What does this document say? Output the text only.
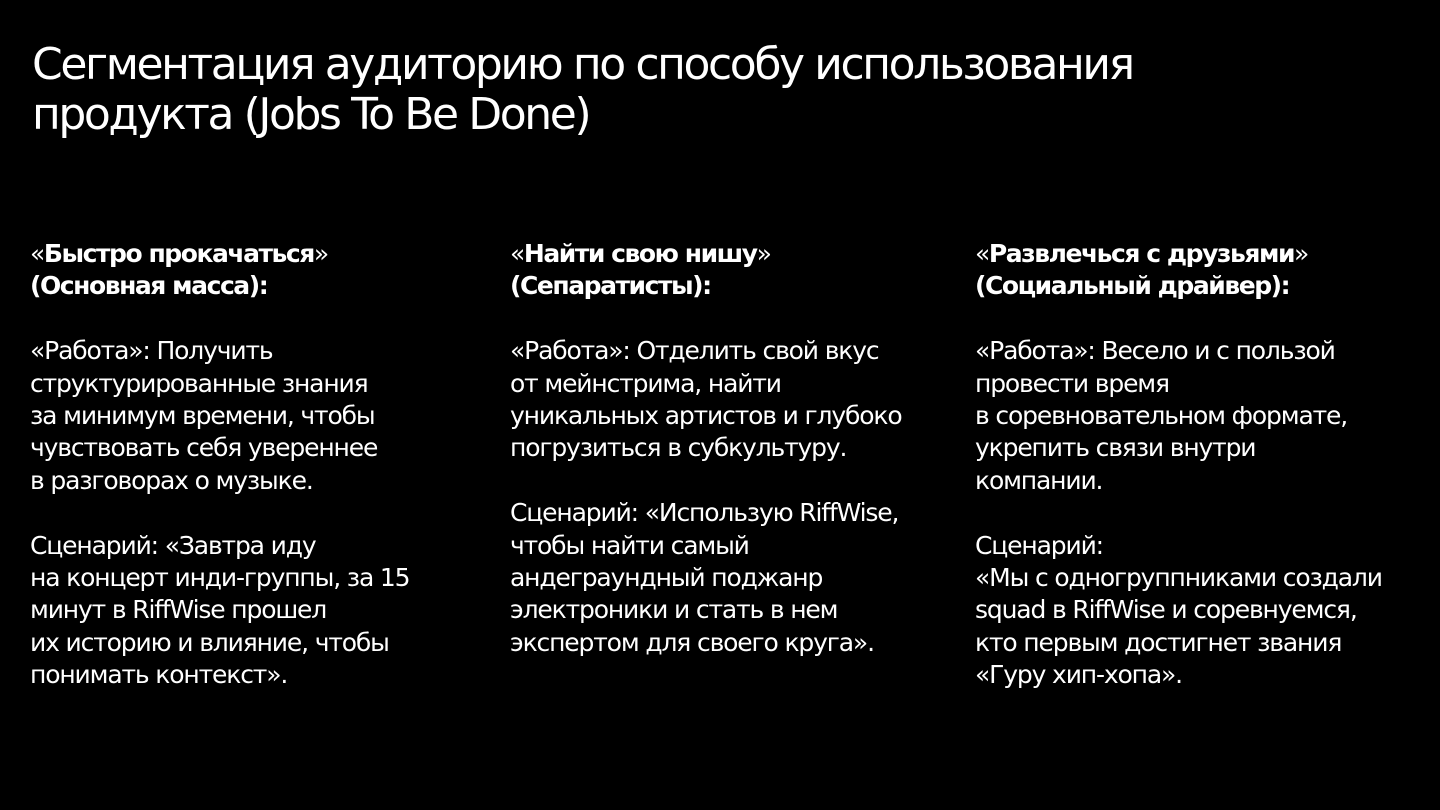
Сегментация аудиторию по способу использования
продукта (Jobs To Be Done)
«Быстро прокачаться»
(Основная масса):
«Работа»: Получить
структурированные знания
за минимум времени, чтобы
чувствовать себя увереннее
в разговорах о музыке.
Сценарий: «Завтра иду
на концерт инди-группы, за 15
минут в RiffWise прошел
их историю и влияние, чтобы
понимать контекст».
«Найти свою нишу»
(Сепаратисты):
«Работа»: Отделить свой вкус
от мейнстрима, найти
уникальных артистов и глубоко
погрузиться в субкультуру.
Сценарий: «Использую RiffWise,
чтобы найти самый
андеграундный поджанр
электроники и стать в нем
экспертом для своего круга».
«Развлечься с друзьями»
(Социальный драйвер):
«Работа»: Весело и с пользой
провести время
в соревновательном формате,
укрепить связи внутри
компании.
Сценарий:
«Мы с одногруппниками создали
squad в RiffWise и соревнуемся,
кто первым достигнет звания
«Гуру хип-хопа».
